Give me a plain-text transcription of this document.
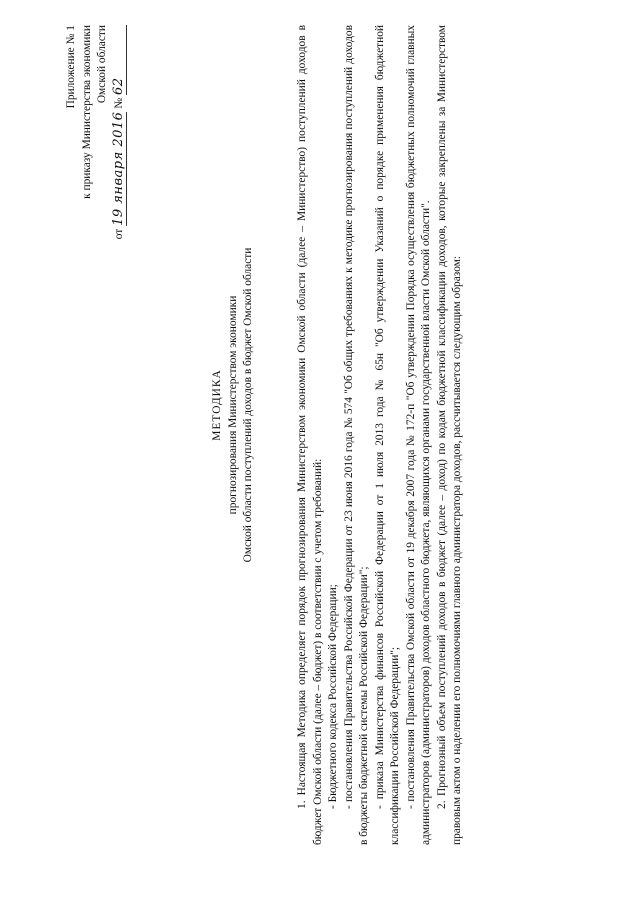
Приложение № 1 к приказу Министерства экономики Омской области
от 19 января 2016 № 62
МЕТОДИКА прогнозирования Министерством экономики Омской области поступлений доходов в бюджет Омской области	1. Настоящая Методика определяет порядок прогнозирования Министерством экономики Омской области (далее – Министерство) поступлений доходов в бюджет Омской области (далее – бюджет) в соответствии с учетом требований: - Бюджетного кодекса Российской Федерации; - постановления Правительства Российской Федерации от 23 июня 2016 года № 574 "Об общих требованиях к методике прогнозирования поступлений доходов в бюджеты бюджетной системы Российской Федерации"; - приказа Министерства финансов Российской Федерации от 1 июля 2013 года № 65н "Об утверждении Указаний о порядке применения бюджетной классификации Российской Федерации"; - постановления Правительства Омской области от 19 декабря 2007 года № 172-п "Об утверждении Порядка осуществления бюджетных полномочий главных администраторов (администраторов) доходов областного бюджета, являющихся органами государственной власти Омской области". 2. Прогнозный объем поступлений доходов в бюджет (далее – доход) по кодам бюджетной классификации доходов, которые закреплены за Министерством правовым актом о наделении его полномочиями главного администратора доходов, рассчитывается следующим образом:
